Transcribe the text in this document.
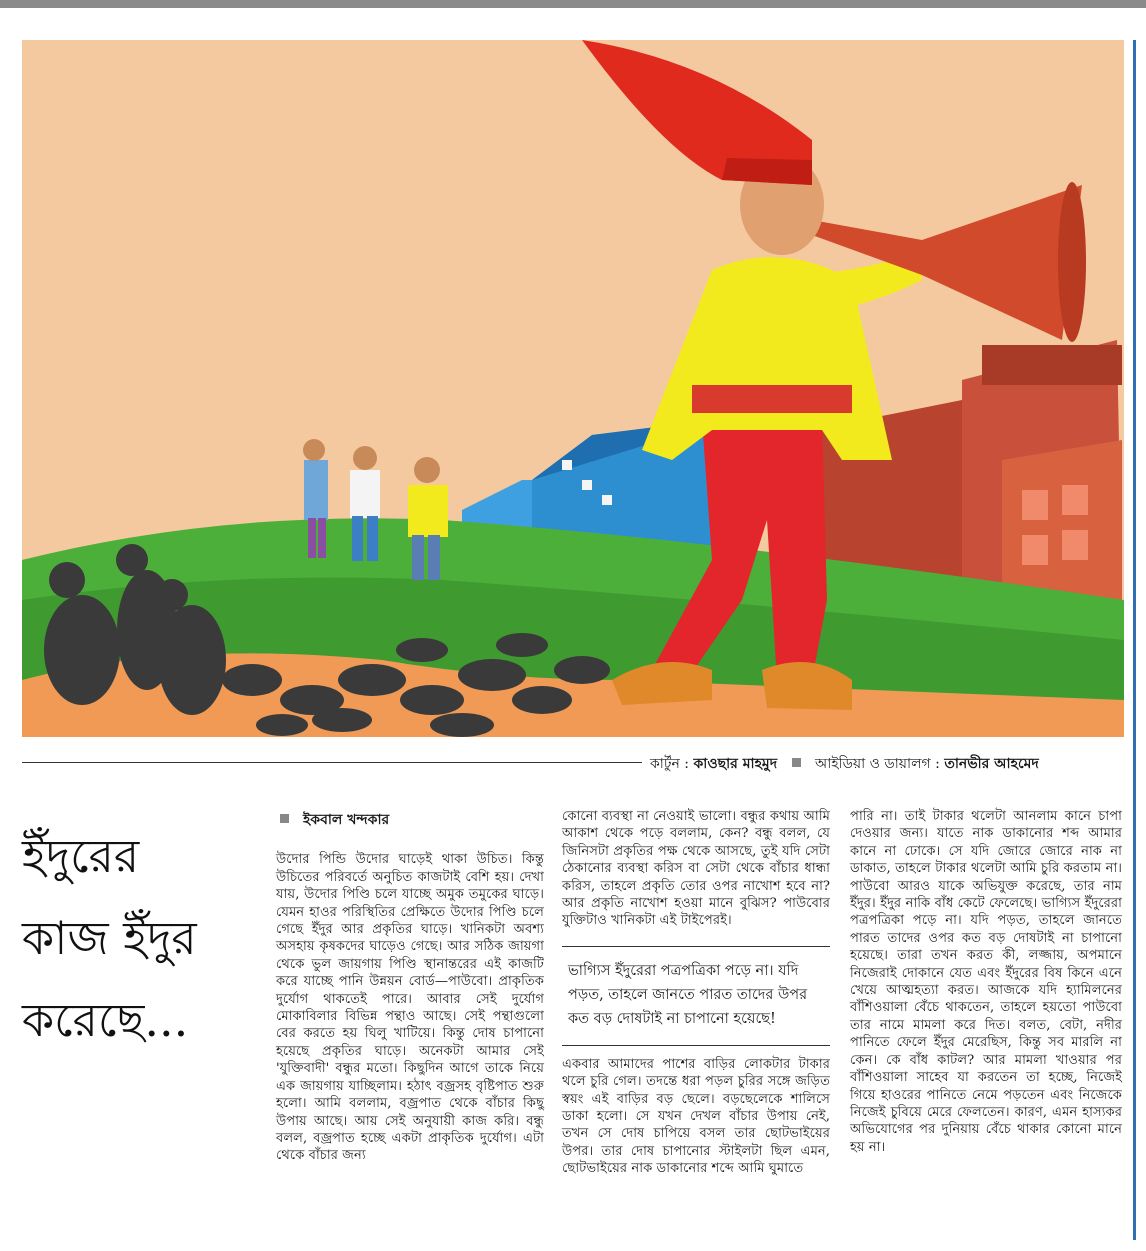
কার্টুন : কাওছার মাহমুদ	আইডিয়া ও ডায়ালগ : তানভীর আহমেদ
ইঁদুরের
কাজ ইঁদুর
করেছে...
ইকবাল খন্দকার

উদোর পিন্ডি উদোর ঘাড়েই থাকা উচিত। কিন্তু উচিতের পরিবর্তে অনুচিত কাজটাই বেশি হয়। দেখা যায়, উদোর পিণ্ডি চলে যাচ্ছে অমুক তমুকের ঘাড়ে। যেমন হাওর পরিস্থিতির প্রেক্ষিতে উদোর পিণ্ডি চলে গেছে ইঁদুর আর প্রকৃতির ঘাড়ে। খানিকটা অবশ্য অসহায় কৃষকদের ঘাড়েও গেছে। আর সঠিক জায়গা থেকে ভুল জায়গায় পিণ্ডি স্থানান্তরের এই কাজটি করে যাচ্ছে পানি উন্নয়ন বোর্ড—পাউবো। প্রাকৃতিক দুর্যোগ থাকতেই পারে। আবার সেই দুর্যোগ মোকাবিলার বিভিন্ন পন্থাও আছে। সেই পন্থাগুলো বের করতে হয় ঘিলু খাটিয়ে। কিন্তু দোষ চাপানো হয়েছে প্রকৃতির ঘাড়ে। অনেকটা আমার সেই 'যুক্তিবাদী' বন্ধুর মতো। কিছুদিন আগে তাকে নিয়ে এক জায়গায় যাচ্ছিলাম। হঠাৎ বজ্রসহ বৃষ্টিপাত শুরু হলো। আমি বললাম, বজ্রপাত থেকে বাঁচার কিছু উপায় আছে। আয় সেই অনুযায়ী কাজ করি। বন্ধু বলল, বজ্রপাত হচ্ছে একটা প্রাকৃতিক দুর্যোগ। এটা থেকে বাঁচার জন্য

কোনো ব্যবস্থা না নেওয়াই ভালো। বন্ধুর কথায় আমি আকাশ থেকে পড়ে বললাম, কেন? বন্ধু বলল, যে জিনিসটা প্রকৃতির পক্ষ থেকে আসছে, তুই যদি সেটা ঠেকানোর ব্যবস্থা করিস বা সেটা থেকে বাঁচার ধান্ধা করিস, তাহলে প্রকৃতি তোর ওপর নাখোশ হবে না? আর প্রকৃতি নাখোশ হওয়া মানে বুঝিস? পাউবোর যুক্তিটাও খানিকটা এই টাইপেরই।

ভাগ্যিস ইঁদুরেরা পত্রপত্রিকা পড়ে না। যদি পড়ত, তাহলে জানতে পারত তাদের উপর কত বড় দোষটাই না চাপানো হয়েছে!

একবার আমাদের পাশের বাড়ির লোকটার টাকার থলে চুরি গেল। তদন্তে ধরা পড়ল চুরির সঙ্গে জড়িত স্বয়ং এই বাড়ির বড় ছেলে। বড়ছেলেকে শালিসে ডাকা হলো। সে যখন দেখল বাঁচার উপায় নেই, তখন সে দোষ চাপিয়ে বসল তার ছোটভাইয়ের উপর। তার দোষ চাপানোর স্টাইলটা ছিল এমন, ছোটভাইয়ের নাক ডাকানোর শব্দে আমি ঘুমাতে

পারি না। তাই টাকার থলেটা আনলাম কানে চাপা দেওয়ার জন্য। যাতে নাক ডাকানোর শব্দ আমার কানে না ঢোকে। সে যদি জোরে জোরে নাক না ডাকাত, তাহলে টাকার থলেটা আমি চুরি করতাম না। পাউবো আরও যাকে অভিযুক্ত করেছে, তার নাম ইঁদুর। ইঁদুর নাকি বাঁধ কেটে ফেলেছে। ভাগ্যিস ইঁদুরেরা পত্রপত্রিকা পড়ে না। যদি পড়ত, তাহলে জানতে পারত তাদের ওপর কত বড় দোষটাই না চাপানো হয়েছে। তারা তখন করত কী, লজ্জায়, অপমানে নিজেরাই দোকানে যেত এবং ইঁদুরের বিষ কিনে এনে খেয়ে আত্মহত্যা করত। আজকে যদি হ্যামিলনের বাঁশিওয়ালা বেঁচে থাকতেন, তাহলে হয়তো পাউবো তার নামে মামলা করে দিত। বলত, বেটা, নদীর পানিতে ফেলে ইঁদুর মেরেছিস, কিন্তু সব মারলি না কেন। কে বাঁধ কাটল? আর মামলা খাওয়ার পর বাঁশিওয়ালা সাহেব যা করতেন তা হচ্ছে, নিজেই গিয়ে হাওরের পানিতে নেমে পড়তেন এবং নিজেকে নিজেই চুবিয়ে মেরে ফেলতেন। কারণ, এমন হাস্যকর অভিযোগের পর দুনিয়ায় বেঁচে থাকার কোনো মানে হয় না।
